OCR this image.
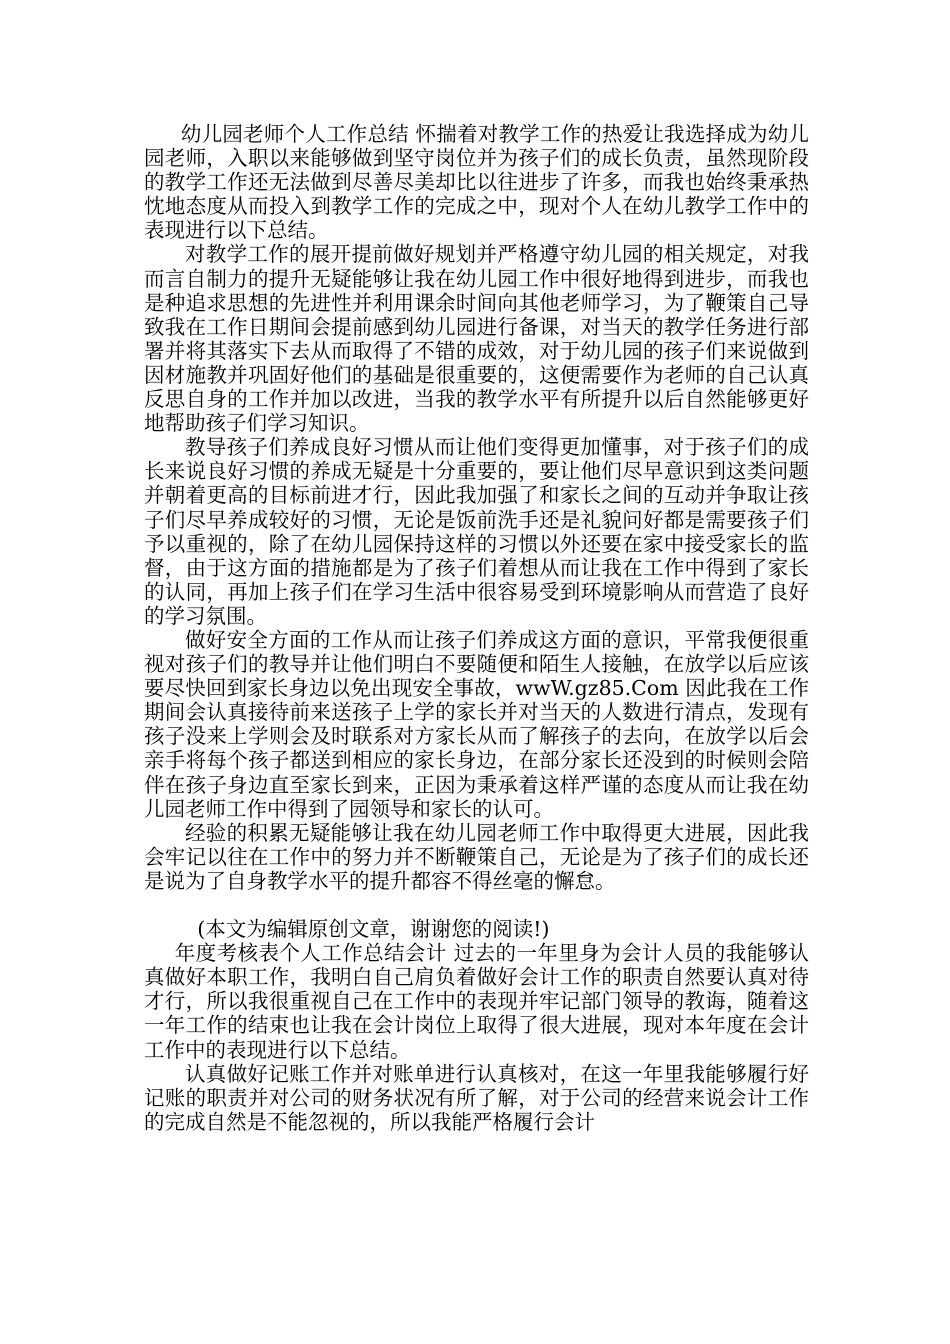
幼儿园老师个人工作总结 怀揣着对教学工作的热爱让我选择成为幼儿园老师，入职以来能够做到坚守岗位并为孩子们的成长负责，虽然现阶段的教学工作还无法做到尽善尽美却比以往进步了许多，而我也始终秉承热忱地态度从而投入到教学工作的完成之中，现对个人在幼儿教学工作中的表现进行以下总结。

对教学工作的展开提前做好规划并严格遵守幼儿园的相关规定，对我而言自制力的提升无疑能够让我在幼儿园工作中很好地得到进步，而我也是种追求思想的先进性并利用课余时间向其他老师学习，为了鞭策自己导致我在工作日期间会提前感到幼儿园进行备课，对当天的教学任务进行部署并将其落实下去从而取得了不错的成效，对于幼儿园的孩子们来说做到因材施教并巩固好他们的基础是很重要的，这便需要作为老师的自己认真反思自身的工作并加以改进，当我的教学水平有所提升以后自然能够更好地帮助孩子们学习知识。

教导孩子们养成良好习惯从而让他们变得更加懂事，对于孩子们的成长来说良好习惯的养成无疑是十分重要的，要让他们尽早意识到这类问题并朝着更高的目标前进才行，因此我加强了和家长之间的互动并争取让孩子们尽早养成较好的习惯，无论是饭前洗手还是礼貌问好都是需要孩子们予以重视的，除了在幼儿园保持这样的习惯以外还要在家中接受家长的监督，由于这方面的措施都是为了孩子们着想从而让我在工作中得到了家长的认同，再加上孩子们在学习生活中很容易受到环境影响从而营造了良好的学习氛围。

做好安全方面的工作从而让孩子们养成这方面的意识，平常我便很重视对孩子们的教导并让他们明白不要随便和陌生人接触，在放学以后应该要尽快回到家长身边以免出现安全事故，wwW.gz85.Com 因此我在工作期间会认真接待前来送孩子上学的家长并对当天的人数进行清点，发现有孩子没来上学则会及时联系对方家长从而了解孩子的去向，在放学以后会亲手将每个孩子都送到相应的家长身边，在部分家长还没到的时候则会陪伴在孩子身边直至家长到来，正因为秉承着这样严谨的态度从而让我在幼儿园老师工作中得到了园领导和家长的认可。

经验的积累无疑能够让我在幼儿园老师工作中取得更大进展，因此我会牢记以往在工作中的努力并不断鞭策自己，无论是为了孩子们的成长还是说为了自身教学水平的提升都容不得丝毫的懈怠。

(本文为编辑原创文章，谢谢您的阅读!)

年度考核表个人工作总结会计 过去的一年里身为会计人员的我能够认真做好本职工作，我明白自己肩负着做好会计工作的职责自然要认真对待才行，所以我很重视自己在工作中的表现并牢记部门领导的教诲，随着这一年工作的结束也让我在会计岗位上取得了很大进展，现对本年度在会计工作中的表现进行以下总结。

认真做好记账工作并对账单进行认真核对，在这一年里我能够履行好记账的职责并对公司的财务状况有所了解，对于公司的经营来说会计工作的完成自然是不能忽视的，所以我能严格履行会计
